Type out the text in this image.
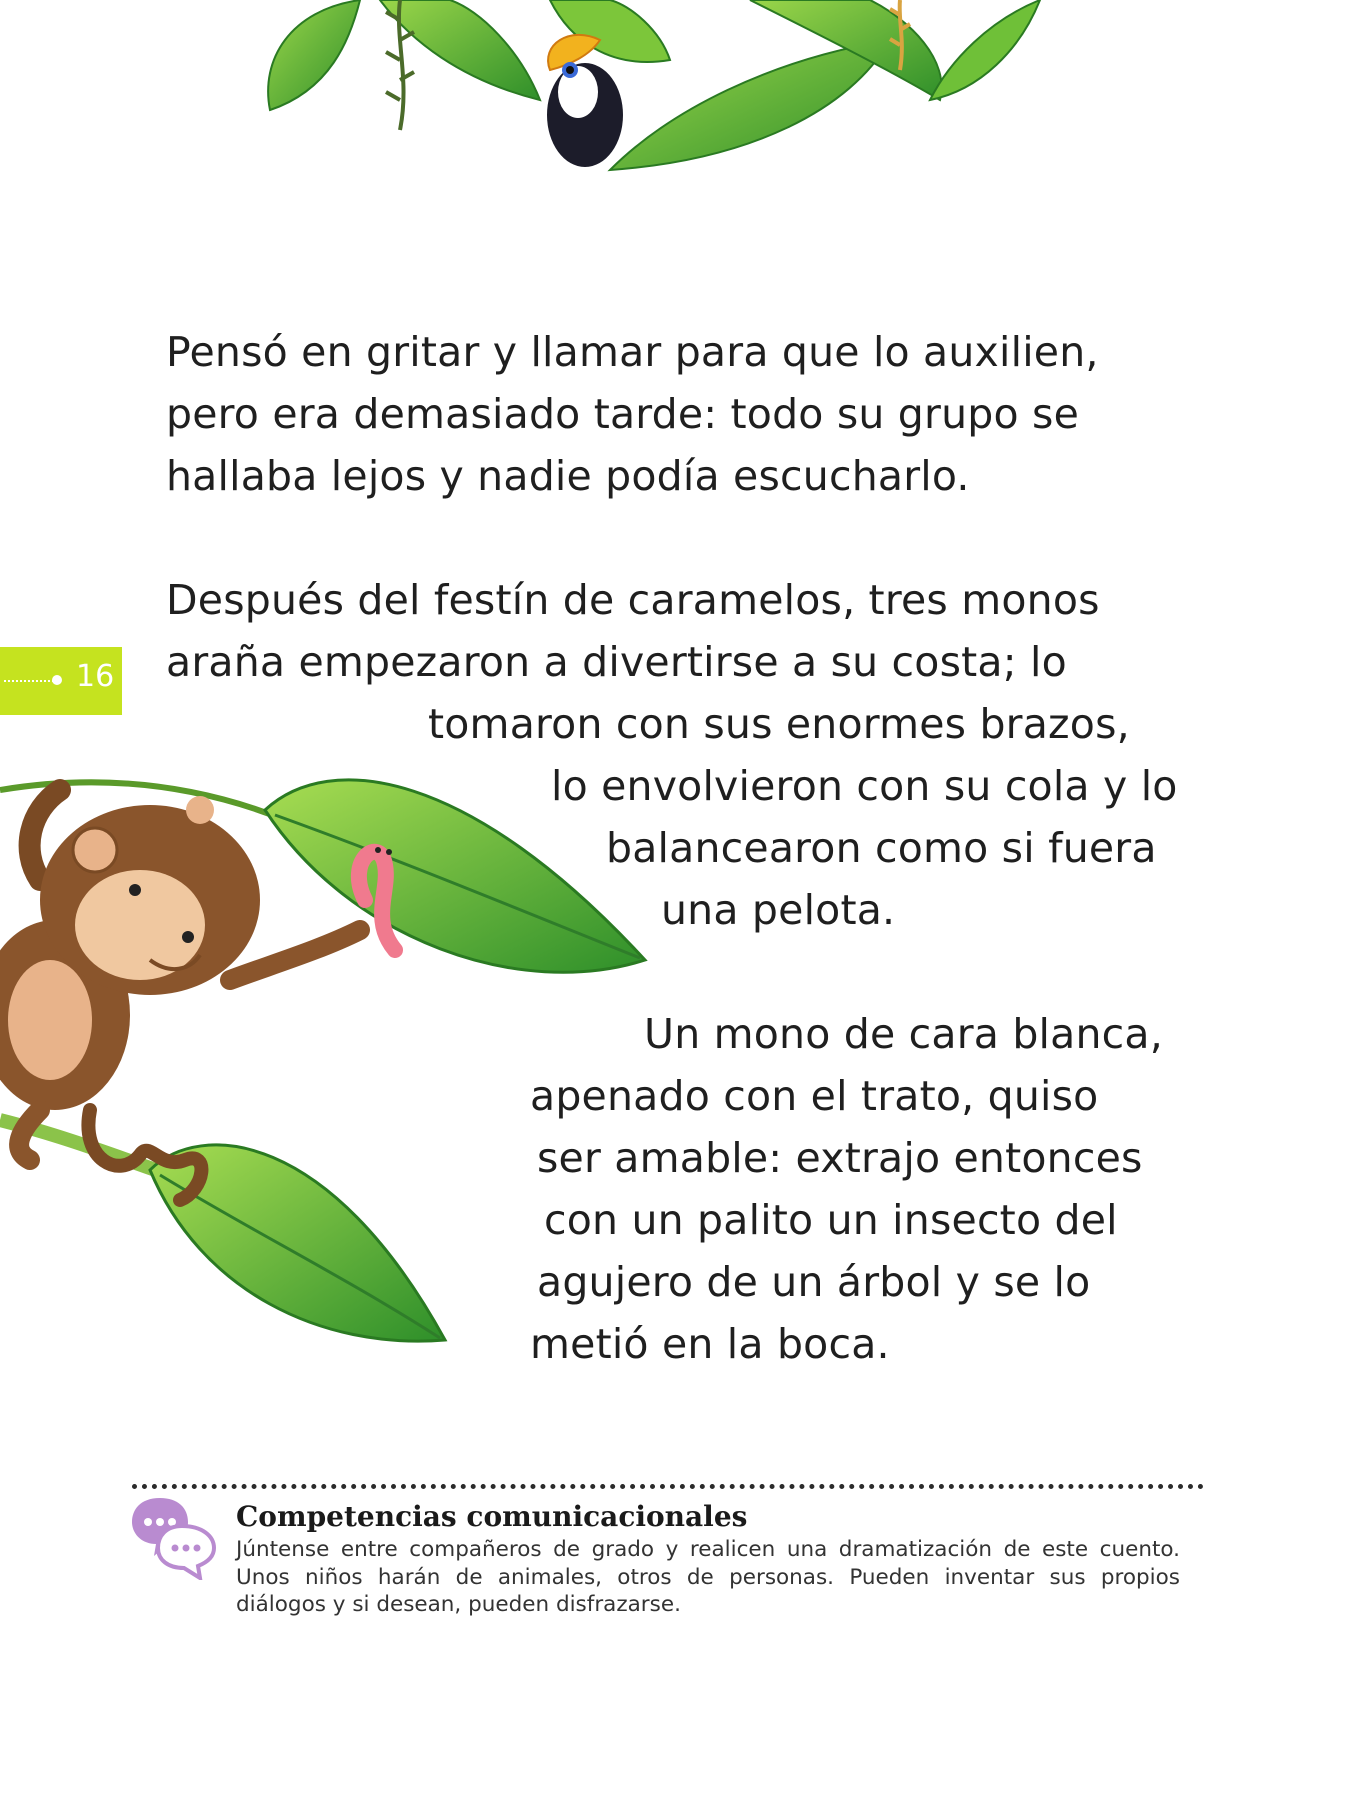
Pensó en gritar y llamar para que lo auxilien,
pero era demasiado tarde: todo su grupo se
hallaba lejos y nadie podía escucharlo.
Después del festín de caramelos, tres monos
araña empezaron a divertirse a su costa; lo
tomaron con sus enormes brazos,
lo envolvieron con su cola y lo
balancearon como si fuera
una pelota.
Un mono de cara blanca,
apenado con el trato, quiso
ser amable: extrajo entonces
con un palito un insecto del
agujero de un árbol y se lo
metió en la boca.
16
Competencias comunicacionales
Júntense entre compañeros de grado y realicen una dramatización de este cuento. Unos niños harán de animales, otros de personas. Pueden inventar sus propios diálogos y si desean, pueden disfrazarse.
